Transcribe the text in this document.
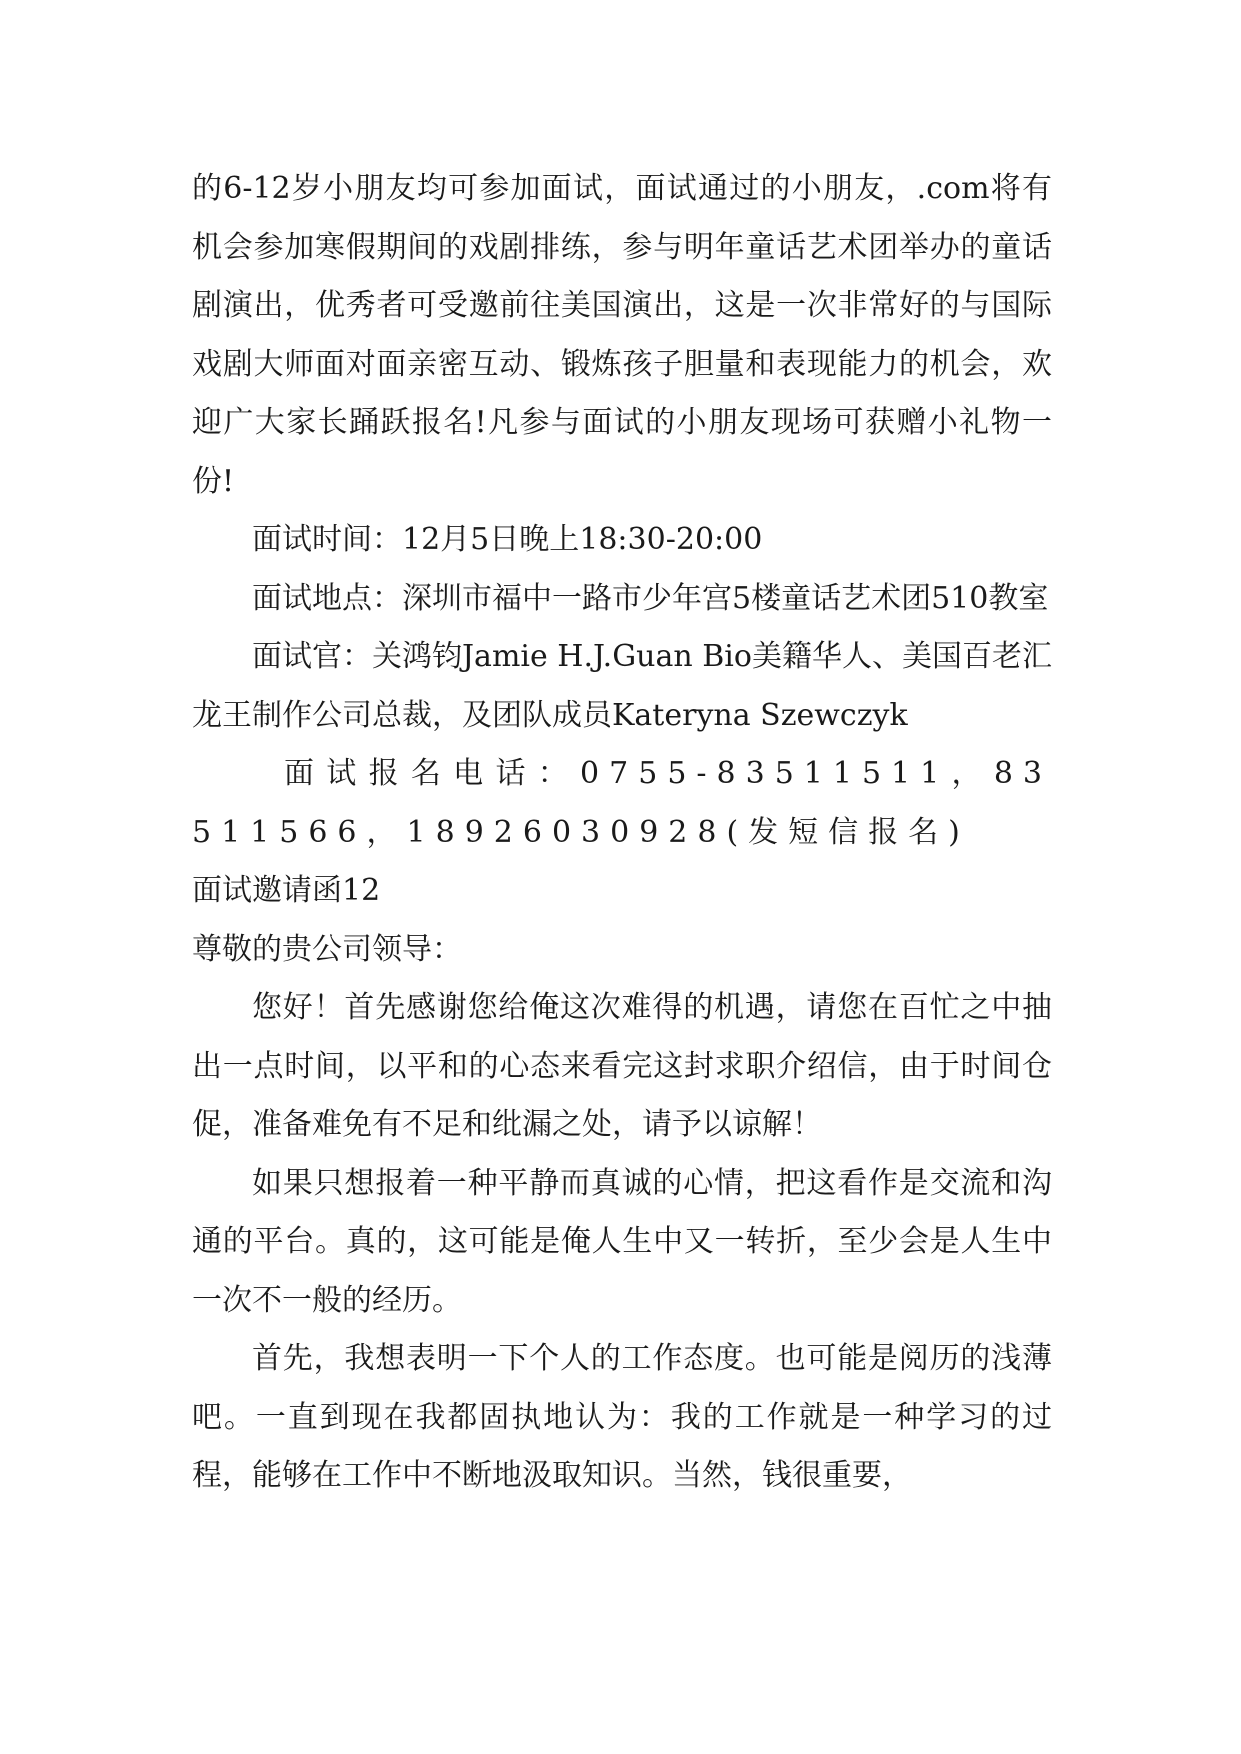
的6-12岁小朋友均可参加面试，面试通过的小朋友，.com将有机会参加寒假期间的戏剧排练，参与明年童话艺术团举办的童话剧演出，优秀者可受邀前往美国演出，这是一次非常好的与国际戏剧大师面对面亲密互动、锻炼孩子胆量和表现能力的机会，欢迎广大家长踊跃报名!凡参与面试的小朋友现场可获赠小礼物一份!

面试时间：12月5日晚上18:30-20:00

面试地点：深圳市福中一路市少年宫5楼童话艺术团510教室

面试官：关鸿钧Jamie H.J.Guan Bio美籍华人、美国百老汇龙王制作公司总裁，及团队成员Kateryna Szewczyk

面试报名电话：0755-83511511，83511566，18926030928(发短信报名)

面试邀请函12

尊敬的贵公司领导：

您好！首先感谢您给俺这次难得的机遇，请您在百忙之中抽出一点时间，以平和的心态来看完这封求职介绍信，由于时间仓促，准备难免有不足和纰漏之处，请予以谅解！

如果只想报着一种平静而真诚的心情，把这看作是交流和沟通的平台。真的，这可能是俺人生中又一转折，至少会是人生中一次不一般的经历。

首先，我想表明一下个人的工作态度。也可能是阅历的浅薄吧。一直到现在我都固执地认为：我的工作就是一种学习的过程，能够在工作中不断地汲取知识。当然，钱很重要，
